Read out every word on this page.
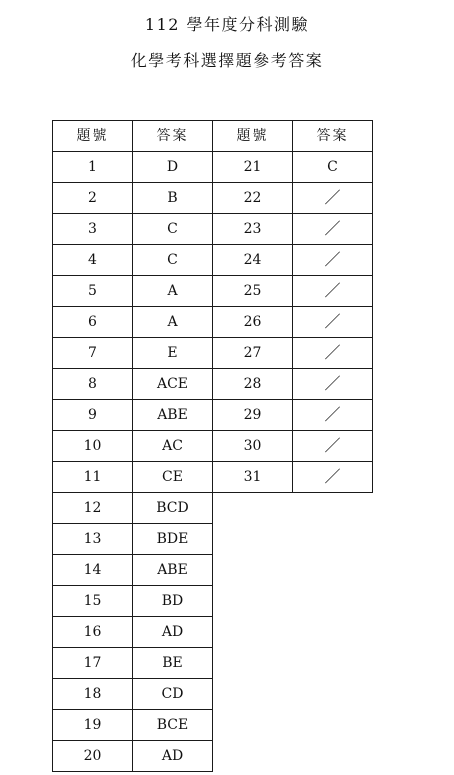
112 學年度分科測驗
化學考科選擇題參考答案
題號	答案	題號	答案
1	D	21	C
2	B	22	／
3	C	23	／
4	C	24	／
5	A	25	／
6	A	26	／
7	E	27	／
8	ACE	28	／
9	ABE	29	／
10	AC	30	／
11	CE	31	／
12	BCD		
13	BDE		
14	ABE		
15	BD		
16	AD		
17	BE		
18	CD		
19	BCE		
20	AD		
